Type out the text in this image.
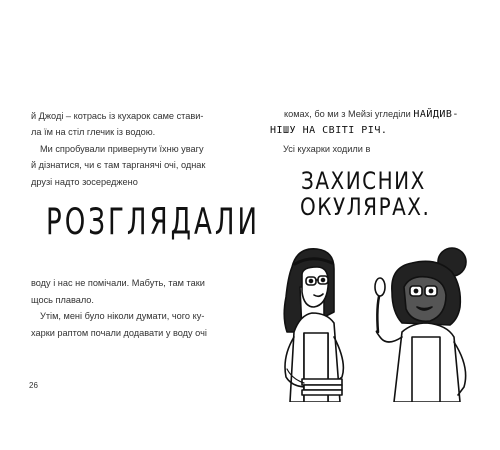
й Джоді – котрась із кухарок саме стави-
ла їм на стіл глечик із водою.
Ми спробували привернути їхню увагу
й дізнатися, чи є там тарганячі очі, однак
друзі надто зосереджено
РОЗГЛЯДАЛИ
воду і нас не помічали. Мабуть, там таки
щось плавало.
Утім, мені було ніколи думати, чого ку-
харки раптом почали додавати у воду очі
26
комах, бо ми з Мейзі угледіли НАЙДИВ-
НІШУ НА СВІТІ РІЧ.
Усі кухарки ходили в
ЗАХИСНИХ
ОКУЛЯРАХ.
